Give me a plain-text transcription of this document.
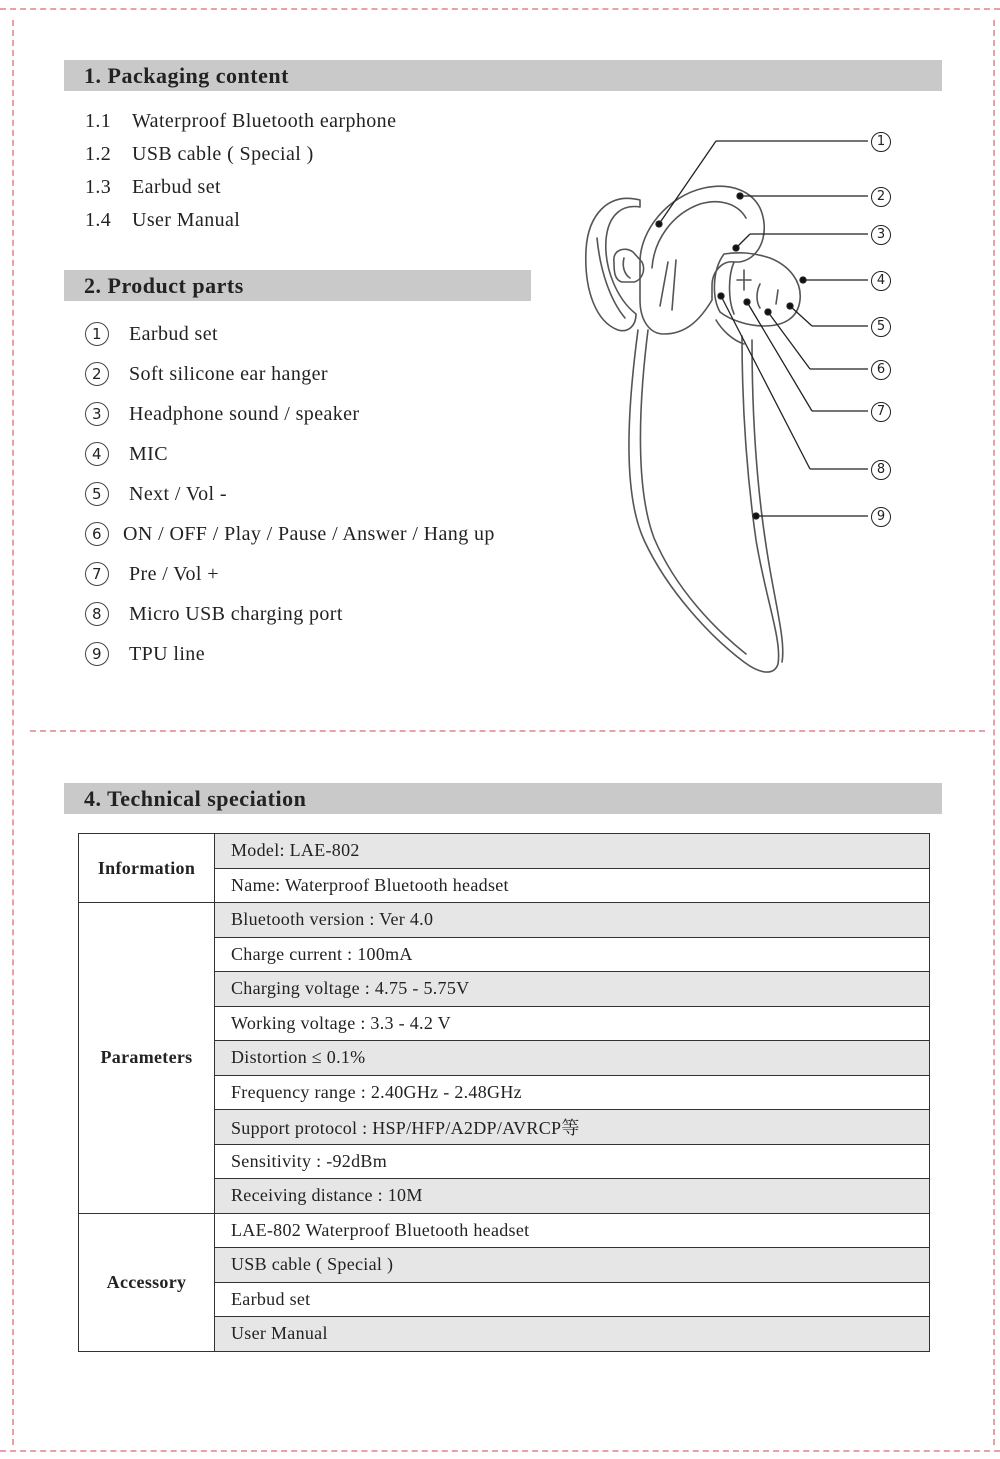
1. Packaging content
1.1 Waterproof Bluetooth earphone
1.2 USB cable ( Special )
1.3 Earbud set
1.4 User Manual
2. Product parts
1 Earbud set
2 Soft silicone ear hanger
3 Headphone sound / speaker
4 MIC
5 Next / Vol -
6 ON / OFF / Play / Pause / Answer / Hang up
7 Pre / Vol +
8 Micro USB charging port
9 TPU line
1
2
3
4
5
6
7
8
9
4. Technical speciation
Information	Model: LAE-802
	Name: Waterproof Bluetooth headset
Parameters	Bluetooth version : Ver 4.0
	Charge current : 100mA
	Charging voltage : 4.75 - 5.75V
	Working voltage : 3.3 - 4.2 V
	Distortion ≤ 0.1%
	Frequency range : 2.40GHz - 2.48GHz
	Support protocol : HSP/HFP/A2DP/AVRCP等
	Sensitivity : -92dBm
	Receiving distance : 10M
Accessory	LAE-802 Waterproof Bluetooth headset
	USB cable ( Special )
	Earbud set
	User Manual
